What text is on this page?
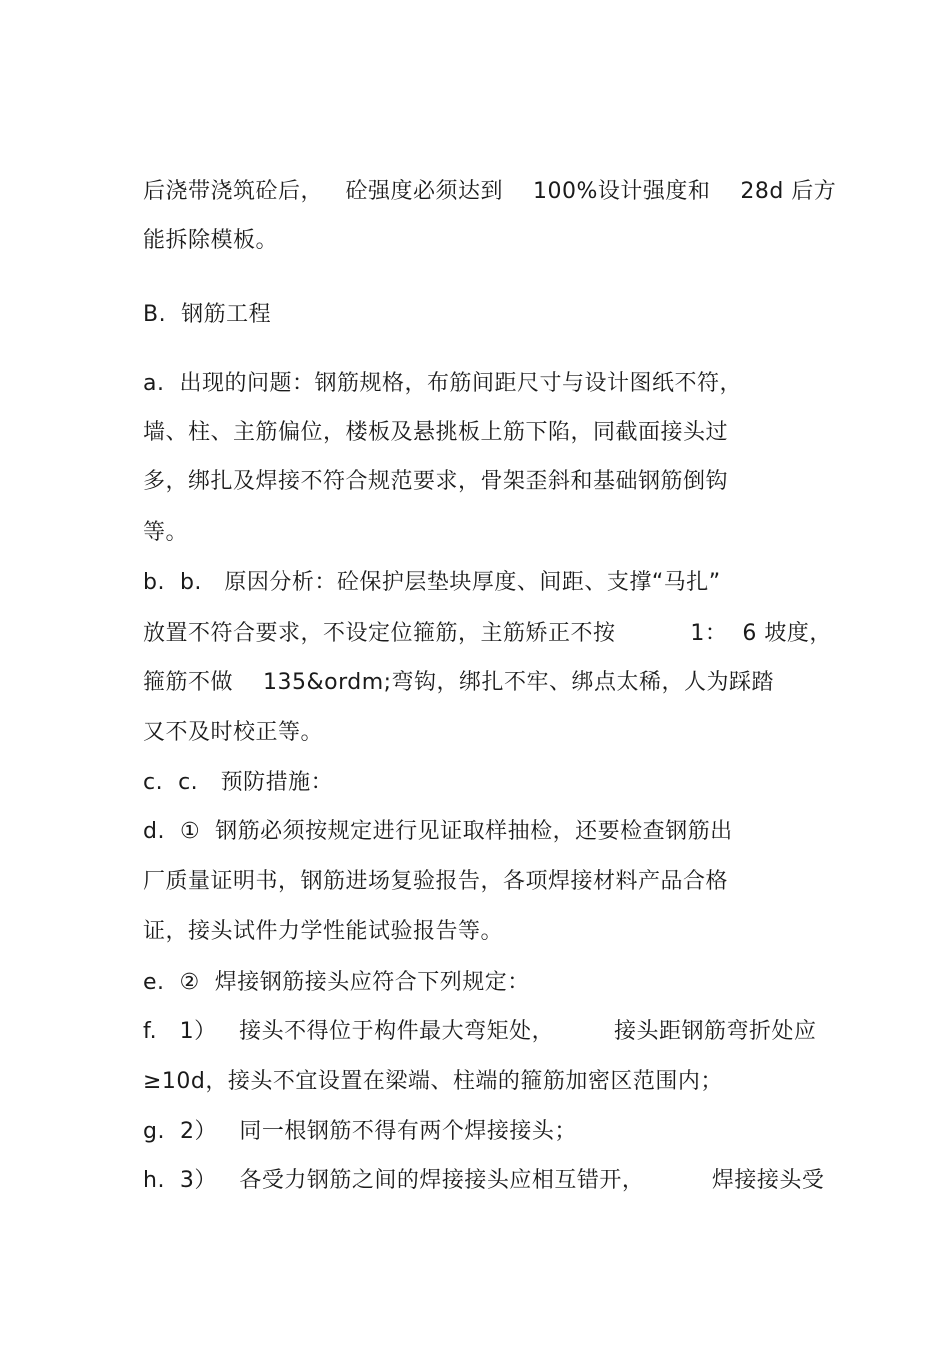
后浇带浇筑砼后，   砼强度必须达到    100%设计强度和    28d 后方
能拆除模板。
B.  钢筋工程
a.  出现的问题：钢筋规格，布筋间距尺寸与设计图纸不符，
墙、柱、主筋偏位，楼板及悬挑板上筋下陷，同截面接头过
多，绑扎及焊接不符合规范要求，骨架歪斜和基础钢筋倒钩
等。
b.  b.   原因分析：砼保护层垫块厚度、间距、支撑“马扎”
放置不符合要求，不设定位箍筋，主筋矫正不按          1：  6 坡度，
箍筋不做    135&ordm;弯钩，绑扎不牢、绑点太稀，人为踩踏
又不及时校正等。
c.  c.   预防措施：
d.  ①  钢筋必须按规定进行见证取样抽检，还要检查钢筋出
厂质量证明书，钢筋进场复验报告，各项焊接材料产品合格
证，接头试件力学性能试验报告等。
e.  ②  焊接钢筋接头应符合下列规定：
f.   1）   接头不得位于构件最大弯矩处，        接头距钢筋弯折处应
≥10d，接头不宜设置在梁端、柱端的箍筋加密区范围内；
g.  2）   同一根钢筋不得有两个焊接接头；
h.  3）   各受力钢筋之间的焊接接头应相互错开，         焊接接头受
